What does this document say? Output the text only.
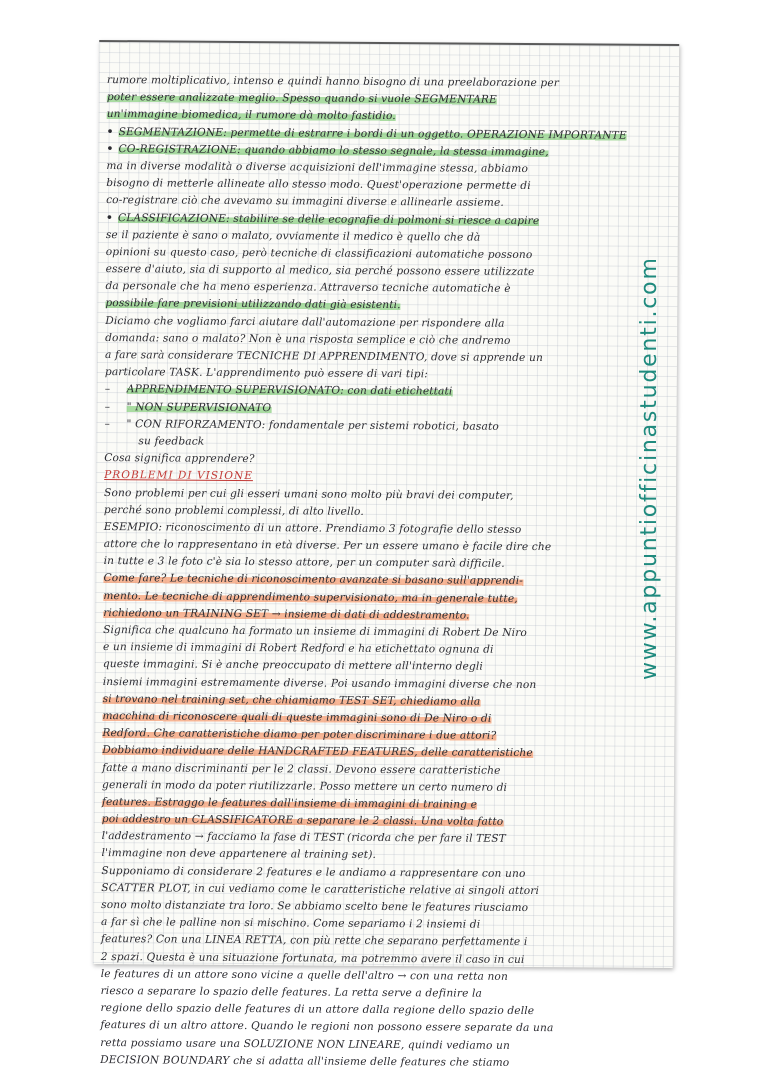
rumore moltiplicativo, intenso e quindi hanno bisogno di una preelaborazione per
poter essere analizzate meglio. Spesso quando si vuole SEGMENTARE
un'immagine biomedica, il rumore dà molto fastidio.
• SEGMENTAZIONE: permette di estrarre i bordi di un oggetto. OPERAZIONE IMPORTANTE
• CO-REGISTRAZIONE: quando abbiamo lo stesso segnale, la stessa immagine,
ma in diverse modalità o diverse acquisizioni dell'immagine stessa, abbiamo
bisogno di metterle allineate allo stesso modo. Quest'operazione permette di
co-registrare ciò che avevamo su immagini diverse e allinearle assieme.
• CLASSIFICAZIONE: stabilire se delle ecografie di polmoni si riesce a capire
se il paziente è sano o malato, ovviamente il medico è quello che dà
opinioni su questo caso, però tecniche di classificazioni automatiche possono
essere d'aiuto, sia di supporto al medico, sia perché possono essere utilizzate
da personale che ha meno esperienza. Attraverso tecniche automatiche è
possibile fare previsioni utilizzando dati già esistenti.
Diciamo che vogliamo farci aiutare dall'automazione per rispondere alla
domanda: sano o malato? Non è una risposta semplice e ciò che andremo
a fare sarà considerare TECNICHE DI APPRENDIMENTO, dove si apprende un
particolare TASK. L'apprendimento può essere di vari tipi:
– APPRENDIMENTO SUPERVISIONATO: con dati etichettati
– " NON SUPERVISIONATO
– " CON RIFORZAMENTO: fondamentale per sistemi robotici, basato
su feedback
Cosa significa apprendere?
PROBLEMI DI VISIONE
Sono problemi per cui gli esseri umani sono molto più bravi dei computer,
perché sono problemi complessi, di alto livello.
ESEMPIO: riconoscimento di un attore. Prendiamo 3 fotografie dello stesso
attore che lo rappresentano in età diverse. Per un essere umano è facile dire che
in tutte e 3 le foto c'è sia lo stesso attore, per un computer sarà difficile.
Come fare? Le tecniche di riconoscimento avanzate si basano sull'apprendi-
mento. Le tecniche di apprendimento supervisionato, ma in generale tutte,
richiedono un TRAINING SET → insieme di dati di addestramento.
Significa che qualcuno ha formato un insieme di immagini di Robert De Niro
e un insieme di immagini di Robert Redford e ha etichettato ognuna di
queste immagini. Si è anche preoccupato di mettere all'interno degli
insiemi immagini estremamente diverse. Poi usando immagini diverse che non
si trovano nel training set, che chiamiamo TEST SET, chiediamo alla
macchina di riconoscere quali di queste immagini sono di De Niro o di
Redford. Che caratteristiche diamo per poter discriminare i due attori?
Dobbiamo individuare delle HANDCRAFTED FEATURES, delle caratteristiche
fatte a mano discriminanti per le 2 classi. Devono essere caratteristiche
generali in modo da poter riutilizzarle. Posso mettere un certo numero di
features. Estraggo le features dall'insieme di immagini di training e
poi addestro un CLASSIFICATORE a separare le 2 classi. Una volta fatto
l'addestramento → facciamo la fase di TEST (ricorda che per fare il TEST
l'immagine non deve appartenere al training set).
Supponiamo di considerare 2 features e le andiamo a rappresentare con uno
SCATTER PLOT, in cui vediamo come le caratteristiche relative ai singoli attori
sono molto distanziate tra loro. Se abbiamo scelto bene le features riusciamo
a far sì che le palline non si mischino. Come separiamo i 2 insiemi di
features? Con una LINEA RETTA, con più rette che separano perfettamente i
2 spazi. Questa è una situazione fortunata, ma potremmo avere il caso in cui
le features di un attore sono vicine a quelle dell'altro → con una retta non
riesco a separare lo spazio delle features. La retta serve a definire la
regione dello spazio delle features di un attore dalla regione dello spazio delle
features di un altro attore. Quando le regioni non possono essere separate da una
retta possiamo usare una SOLUZIONE NON LINEARE, quindi vediamo un
DECISION BOUNDARY che si adatta all'insieme delle features che stiamo
www.appuntiofficinastudenti.com
